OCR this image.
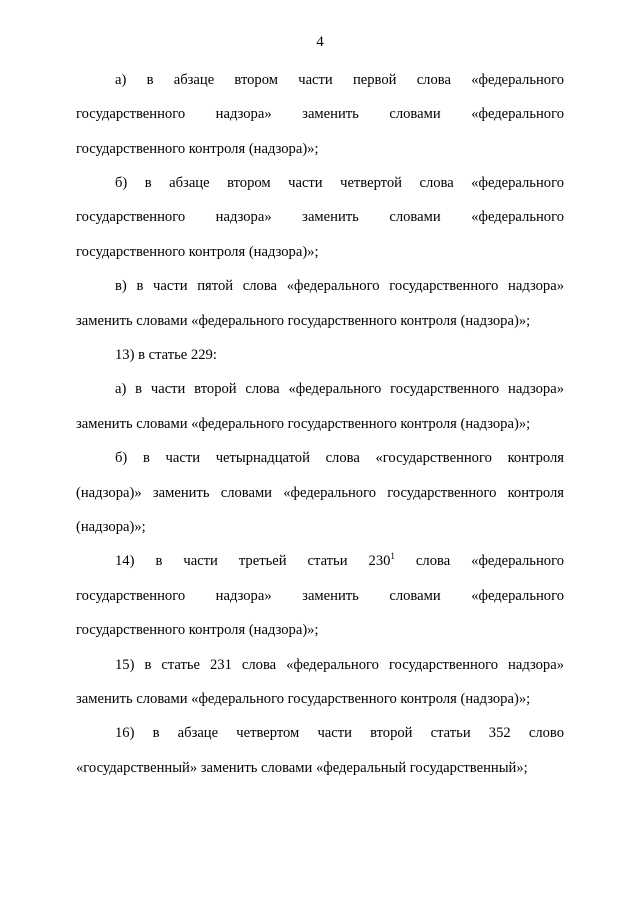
4
а) в абзаце втором части первой слова «федерального
государственного надзора» заменить словами «федерального
государственного контроля (надзора)»;
б) в абзаце втором части четвертой слова «федерального
государственного надзора» заменить словами «федерального
государственного контроля (надзора)»;
в) в части пятой слова «федерального государственного надзора»
заменить словами «федерального государственного контроля (надзора)»;
13) в статье 229:
а) в части второй слова «федерального государственного надзора»
заменить словами «федерального государственного контроля (надзора)»;
б) в части четырнадцатой слова «государственного контроля
(надзора)» заменить словами «федерального государственного контроля
(надзора)»;
14) в части третьей статьи $230^1$ слова «федерального
государственного надзора» заменить словами «федерального
государственного контроля (надзора)»;
15) в статье 231 слова «федерального государственного надзора»
заменить словами «федерального государственного контроля (надзора)»;
16) в абзаце четвертом части второй статьи 352 слово
«государственный» заменить словами «федеральный государственный»;
